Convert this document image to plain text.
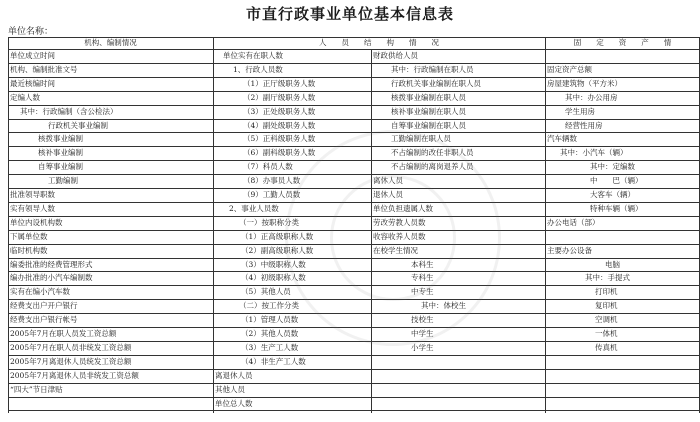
市直行政事业单位基本信息表
单位名称：
机构、编制情况	人　　员　　结　　构　　情　　况	固　　定　　资　　产　　情
单位成立时间
机构、编制批准文号
最近核编时间
定编人数
其中：行政编制（含公检法）
行政机关事业编制
核拨事业编制
核补事业编制
自筹事业编制
工勤编制
批准领导职数
实有领导人数
单位内设机构数
下属单位数
临时机构数
编委批准的经费管理形式
编办批准的小汽车编制数
实有在编小汽车数
经费支出户开户银行
经费支出户银行帐号
2005年7月在职人员发工资总额
2005年7月在职人员非统发工资总额
2005年7月离退休人员统发工资总额
2005年7月离退休人员非统发工资总额
“四大”节日津贴
单位实有在职人数
1、行政人员数
（1）正厅级职务人数
（2）副厅级职务人数
（3）正处级职务人数
（4）副处级职务人数
（5）正科级职务人数
（6）副科级职务人数
（7）科员人数
（8）办事员人数
（9）工勤人员数
2、事业人员数
（一）按职称分类
（1）正高级职称人数
（2）副高级职称人数
（3）中级职称人数
（4）初级职称人数
（5）其他人员
（二）按工作分类
（1）管理人员数
（2）其他人员数
（3）生产工人数
（4）非生产工人数
离退休人员
其他人员
单位总人数
财政供给人员
其中：行政编制在职人员
行政机关事业编制在职人员
核拨事业编制在职人员
核补事业编制在职人员
自筹事业编制在职人员
工勤编制在职人员
不占编制的改任非职人员
不占编制的离岗退养人员
离休人员
退休人员
单位负担遗属人数
劳改劳教人员数
收容收养人员数
在校学生情况
本科生
专科生
中专生
其中：体校生
技校生
中学生
小学生
固定资产总额
房屋建筑物（平方米）
其中：办公用房
学生用房
经营性用房
汽车辆数
其中：小汽车（辆）
其中：定编数
中　　巴（辆）
大客车（辆）
特种车辆（辆）
办公电话（部）
主要办公设备
电脑
其中：手提式
打印机
复印机
空调机
一体机
传真机
